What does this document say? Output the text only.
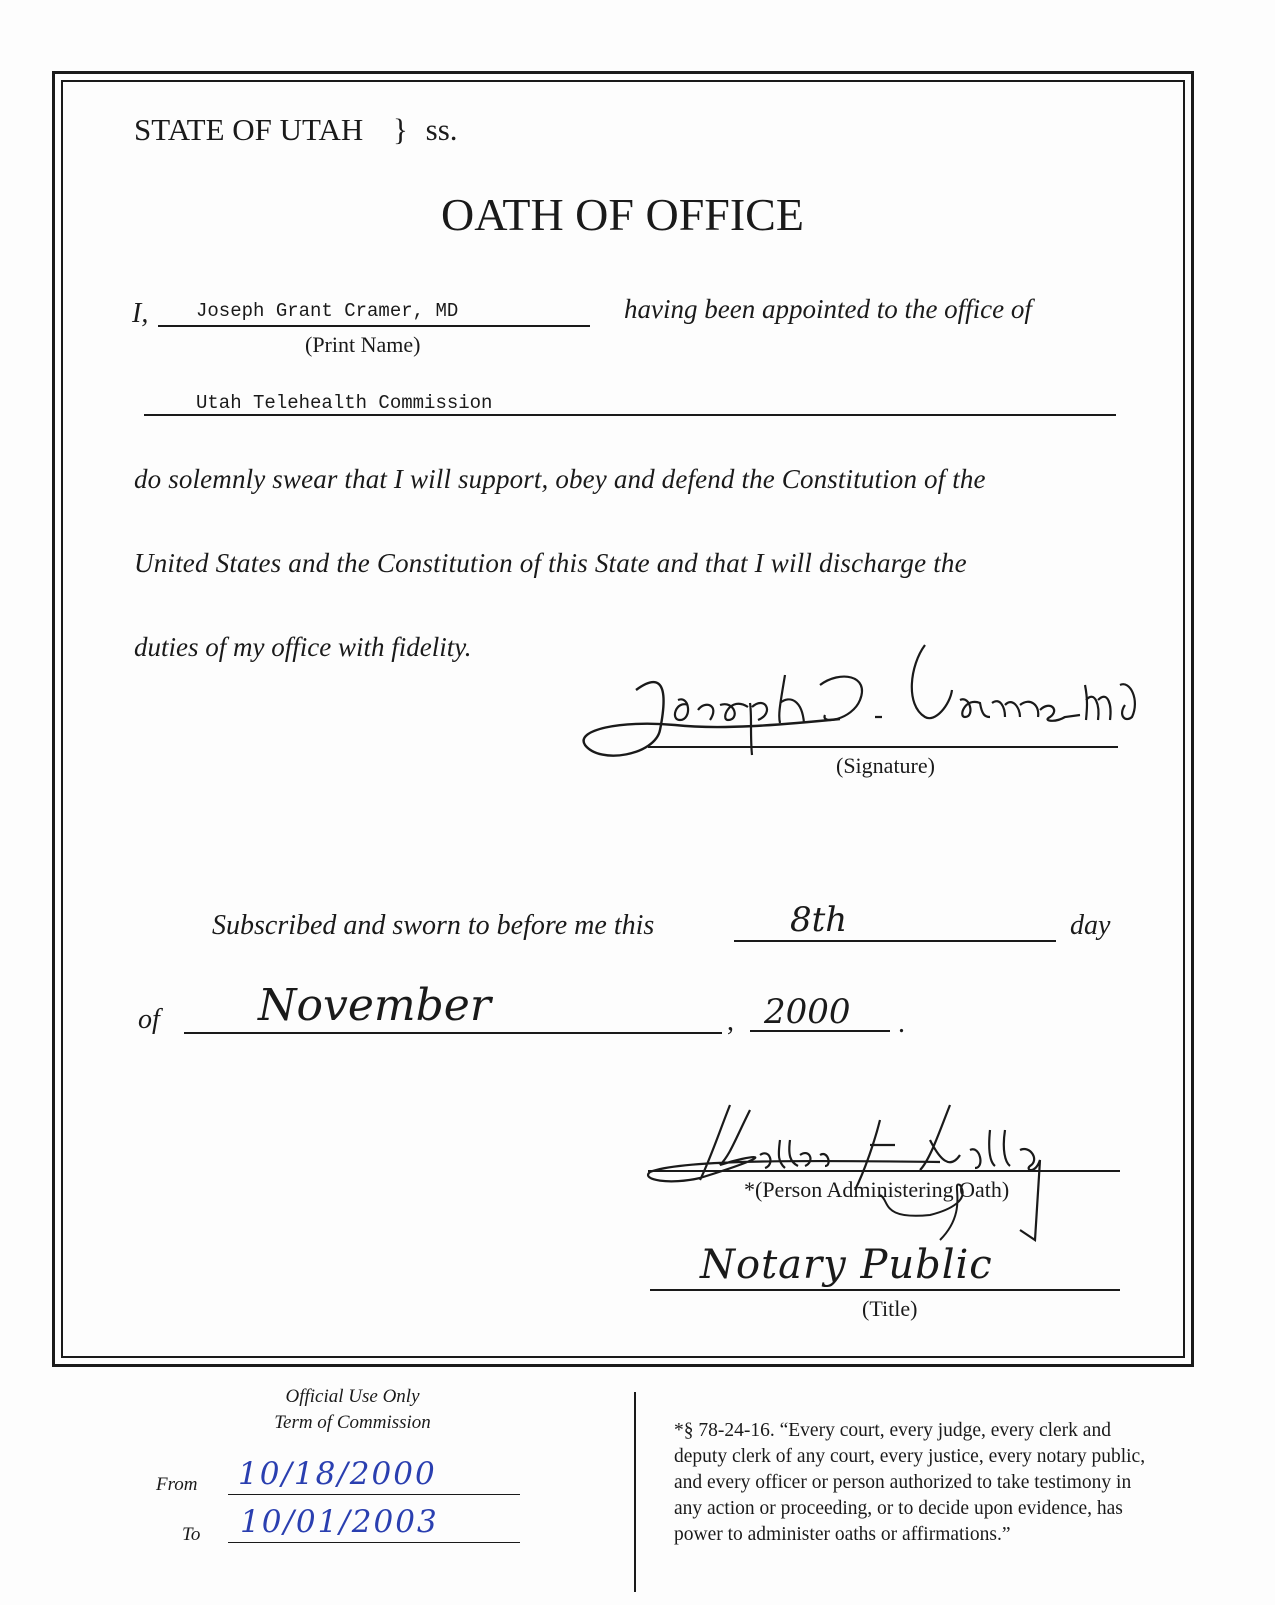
STATE OF UTAH } ss.
OATH OF OFFICE
I,	Joseph Grant Cramer, MD
(Print Name)
having been appointed to the office of
Utah Telehealth Commission
do solemnly swear that I will support, obey and defend the Constitution of the
United States and the Constitution of this State and that I will discharge the
duties of my office with fidelity.
Joseph G. Cramer MD
(Signature)
Subscribed and sworn to before me this	8th	day
of November	, 2000 .
Kathleen F. Wadley
*(Person Administering Oath)
Notary Public
(Title)
Official Use Only
Term of Commission
From 10/18/2000
To 10/01/2003
*§ 78-24-16. “Every court, every judge, every clerk and
deputy clerk of any court, every justice, every notary public,
and every officer or person authorized to take testimony in
any action or proceeding, or to decide upon evidence, has
power to administer oaths or affirmations.”
